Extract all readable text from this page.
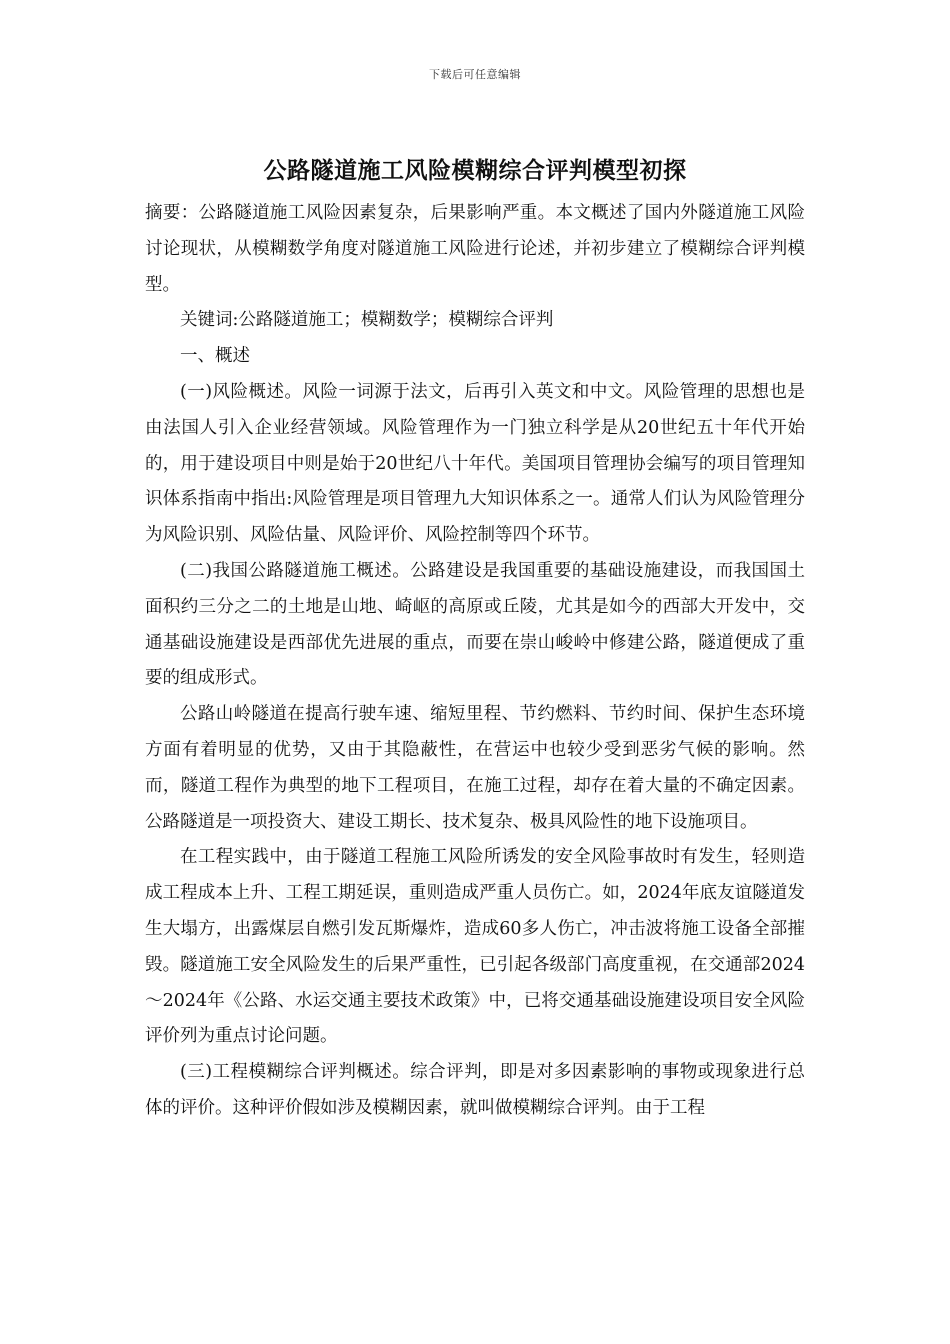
下载后可任意编辑
公路隧道施工风险模糊综合评判模型初探

摘要：公路隧道施工风险因素复杂，后果影响严重。本文概述了国内外隧道施工风险讨论现状，从模糊数学角度对隧道施工风险进行论述，并初步建立了模糊综合评判模型。

关键词:公路隧道施工；模糊数学；模糊综合评判

一、概述

(一)风险概述。风险一词源于法文，后再引入英文和中文。风险管理的思想也是由法国人引入企业经营领域。风险管理作为一门独立科学是从20世纪五十年代开始的，用于建设项目中则是始于20世纪八十年代。美国项目管理协会编写的项目管理知识体系指南中指出:风险管理是项目管理九大知识体系之一。通常人们认为风险管理分为风险识别、风险估量、风险评价、风险控制等四个环节。

(二)我国公路隧道施工概述。公路建设是我国重要的基础设施建设，而我国国土面积约三分之二的土地是山地、崎岖的高原或丘陵，尤其是如今的西部大开发中，交通基础设施建设是西部优先进展的重点，而要在崇山峻岭中修建公路，隧道便成了重要的组成形式。

公路山岭隧道在提高行驶车速、缩短里程、节约燃料、节约时间、保护生态环境方面有着明显的优势，又由于其隐蔽性，在营运中也较少受到恶劣气候的影响。然而，隧道工程作为典型的地下工程项目，在施工过程，却存在着大量的不确定因素。公路隧道是一项投资大、建设工期长、技术复杂、极具风险性的地下设施项目。

在工程实践中，由于隧道工程施工风险所诱发的安全风险事故时有发生，轻则造成工程成本上升、工程工期延误，重则造成严重人员伤亡。如，2024年底友谊隧道发生大塌方，出露煤层自燃引发瓦斯爆炸，造成60多人伤亡，冲击波将施工设备全部摧毁。隧道施工安全风险发生的后果严重性，已引起各级部门高度重视，在交通部2024～2024年《公路、水运交通主要技术政策》中，已将交通基础设施建设项目安全风险评价列为重点讨论问题。

(三)工程模糊综合评判概述。综合评判，即是对多因素影响的事物或现象进行总体的评价。这种评价假如涉及模糊因素，就叫做模糊综合评判。由于工程
